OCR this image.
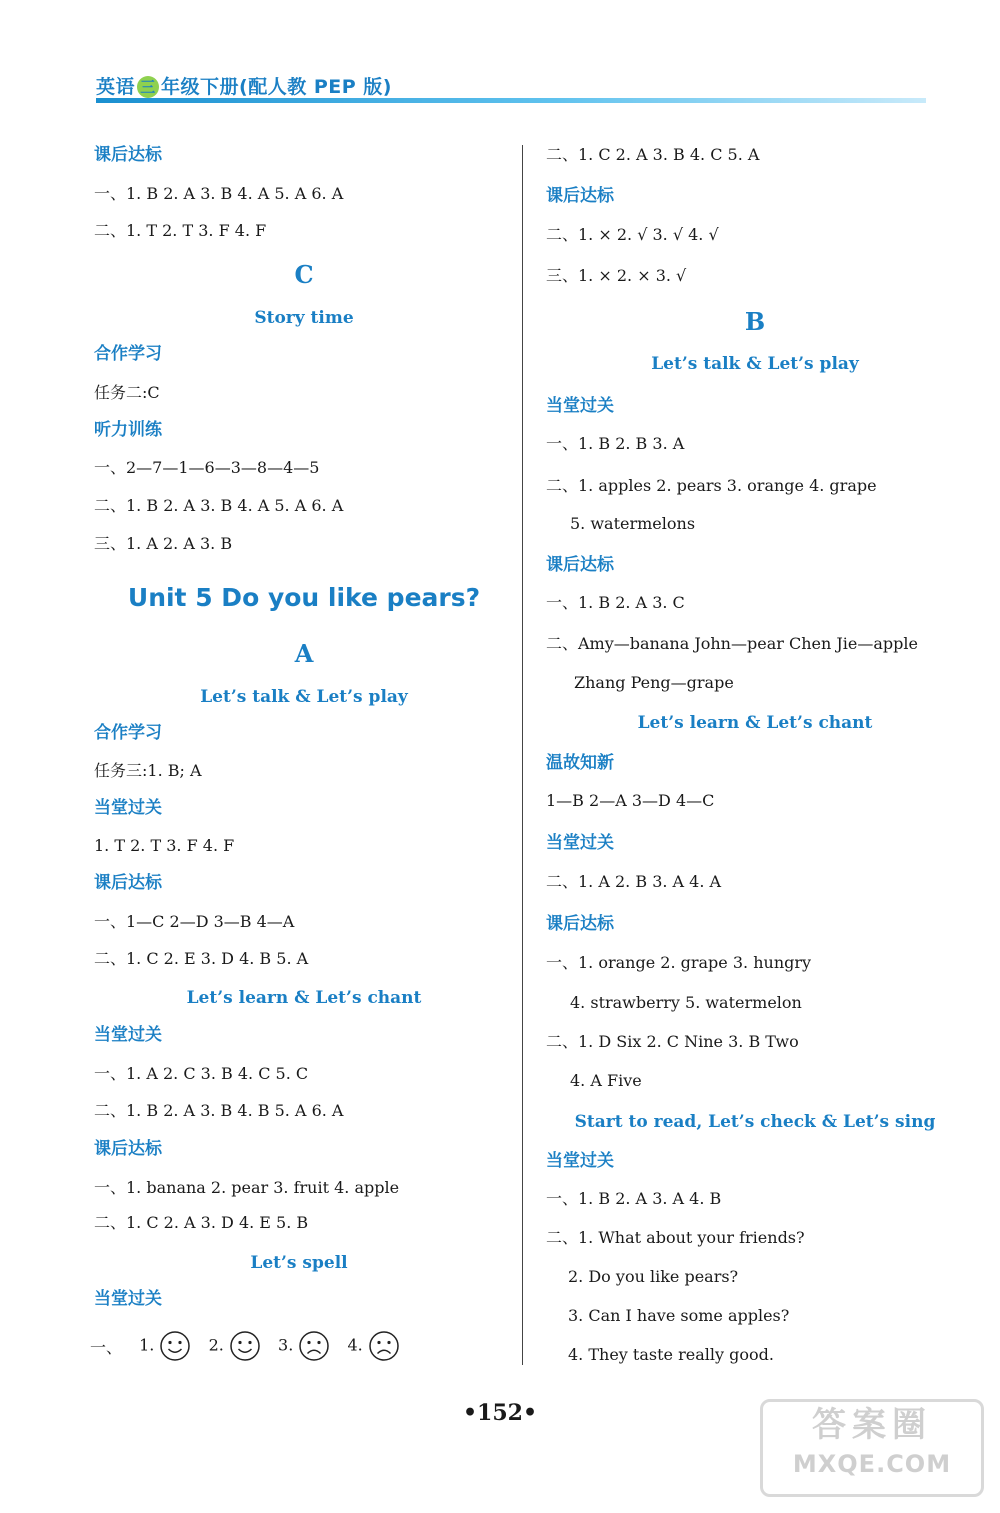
英语 三 年级下册(配人教 PEP 版)
课后达标
一、1. B 2. A 3. B 4. A 5. A 6. A
二、1. T 2. T 3. F 4. F
C
Story time
合作学习
任务二:C
听力训练
一、2—7—1—6—3—8—4—5
二、1. B 2. A 3. B 4. A 5. A 6. A
三、1. A 2. A 3. B
Unit 5 Do you like pears?
A
Let’s talk & Let’s play
合作学习
任务三:1. B; A
当堂过关
1. T 2. T 3. F 4. F
课后达标
一、1—C 2—D 3—B 4—A
二、1. C 2. E 3. D 4. B 5. A
Let’s learn & Let’s chant
当堂过关
一、1. A 2. C 3. B 4. C 5. C
二、1. B 2. A 3. B 4. B 5. A 6. A
课后达标
一、1. banana 2. pear 3. fruit 4. apple
二、1. C 2. A 3. D 4. E 5. B
Let’s spell
当堂过关
一、 1.	2.	3.	4.
二、1. C 2. A 3. B 4. C 5. A
课后达标
二、1. × 2. √ 3. √ 4. √
三、1. × 2. × 3. √
B
Let’s talk & Let’s play
当堂过关
一、1. B 2. B 3. A
二、1. apples 2. pears 3. orange 4. grape
5. watermelons
课后达标
一、1. B 2. A 3. C
二、Amy—banana John—pear Chen Jie—apple
Zhang Peng—grape
Let’s learn & Let’s chant
温故知新
1—B 2—A 3—D 4—C
当堂过关
二、1. A 2. B 3. A 4. A
课后达标
一、1. orange 2. grape 3. hungry
4. strawberry 5. watermelon
二、1. D Six 2. C Nine 3. B Two
4. A Five
Start to read, Let’s check & Let’s sing
当堂过关
一、1. B 2. A 3. A 4. B
二、1. What about your friends?
2. Do you like pears?
3. Can I have some apples?
4. They taste really good.
•152•	答案圈
MXQE.COM
